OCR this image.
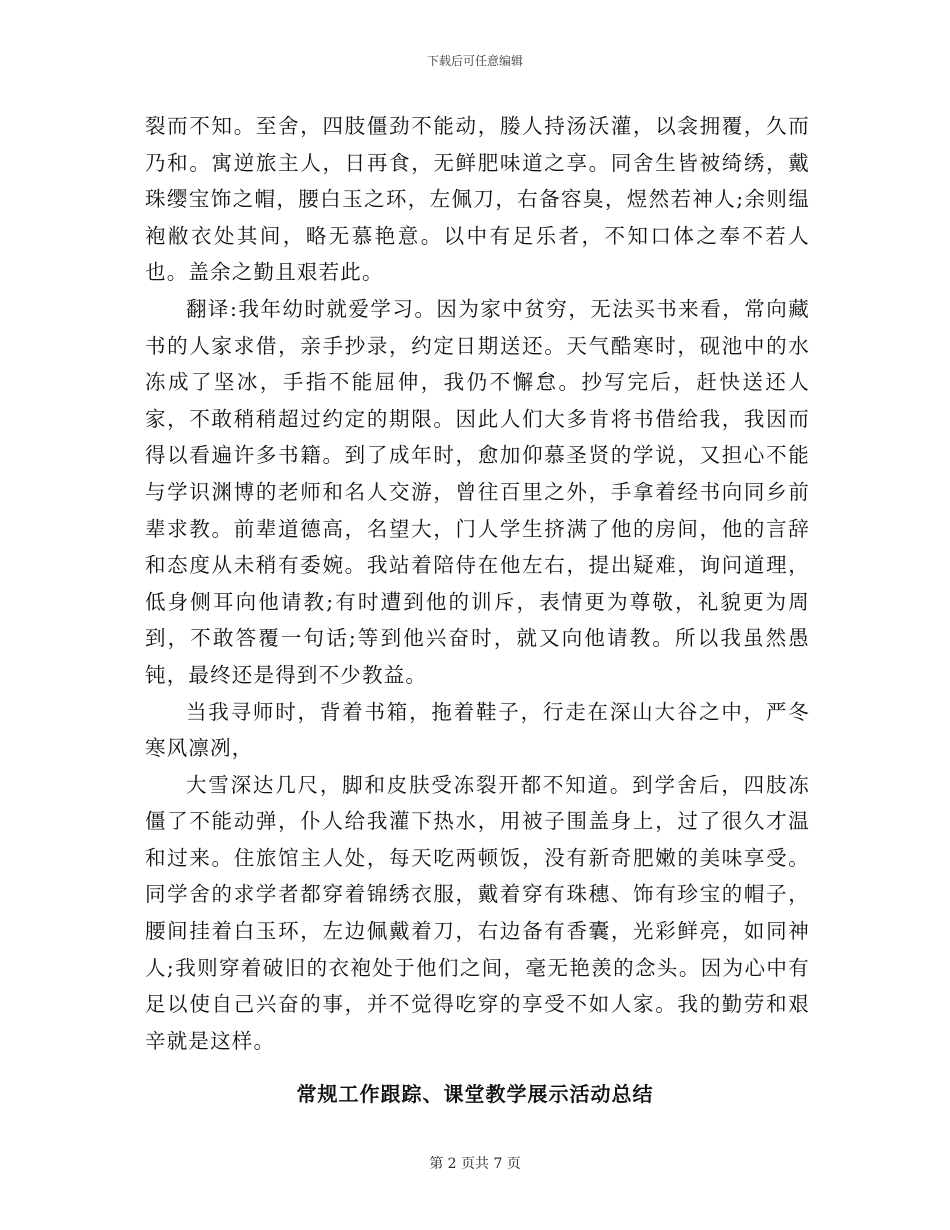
下载后可任意编辑

裂而不知。至舍，四肢僵劲不能动，媵人持汤沃灌，以衾拥覆，久而乃和。寓逆旅主人，日再食，无鲜肥味道之享。同舍生皆被绮绣，戴珠缨宝饰之帽，腰白玉之环，左佩刀，右备容臭，煜然若神人;余则缊袍敝衣处其间，略无慕艳意。以中有足乐者，不知口体之奉不若人也。盖余之勤且艰若此。

翻译:我年幼时就爱学习。因为家中贫穷，无法买书来看，常向藏书的人家求借，亲手抄录，约定日期送还。天气酷寒时，砚池中的水冻成了坚冰，手指不能屈伸，我仍不懈怠。抄写完后，赶快送还人家，不敢稍稍超过约定的期限。因此人们大多肯将书借给我，我因而得以看遍许多书籍。到了成年时，愈加仰慕圣贤的学说，又担心不能与学识渊博的老师和名人交游，曾往百里之外，手拿着经书向同乡前辈求教。前辈道德高，名望大，门人学生挤满了他的房间，他的言辞和态度从未稍有委婉。我站着陪侍在他左右，提出疑难，询问道理，低身侧耳向他请教;有时遭到他的训斥，表情更为尊敬，礼貌更为周到，不敢答覆一句话;等到他兴奋时，就又向他请教。所以我虽然愚钝，最终还是得到不少教益。

当我寻师时，背着书箱，拖着鞋子，行走在深山大谷之中，严冬寒风凛冽，

大雪深达几尺，脚和皮肤受冻裂开都不知道。到学舍后，四肢冻僵了不能动弹，仆人给我灌下热水，用被子围盖身上，过了很久才温和过来。住旅馆主人处，每天吃两顿饭，没有新奇肥嫩的美味享受。同学舍的求学者都穿着锦绣衣服，戴着穿有珠穗、饰有珍宝的帽子，腰间挂着白玉环，左边佩戴着刀，右边备有香囊，光彩鲜亮，如同神人;我则穿着破旧的衣袍处于他们之间，毫无艳羡的念头。因为心中有足以使自己兴奋的事，并不觉得吃穿的享受不如人家。我的勤劳和艰辛就是这样。

常规工作跟踪、课堂教学展示活动总结
第 2 页共 7 页
